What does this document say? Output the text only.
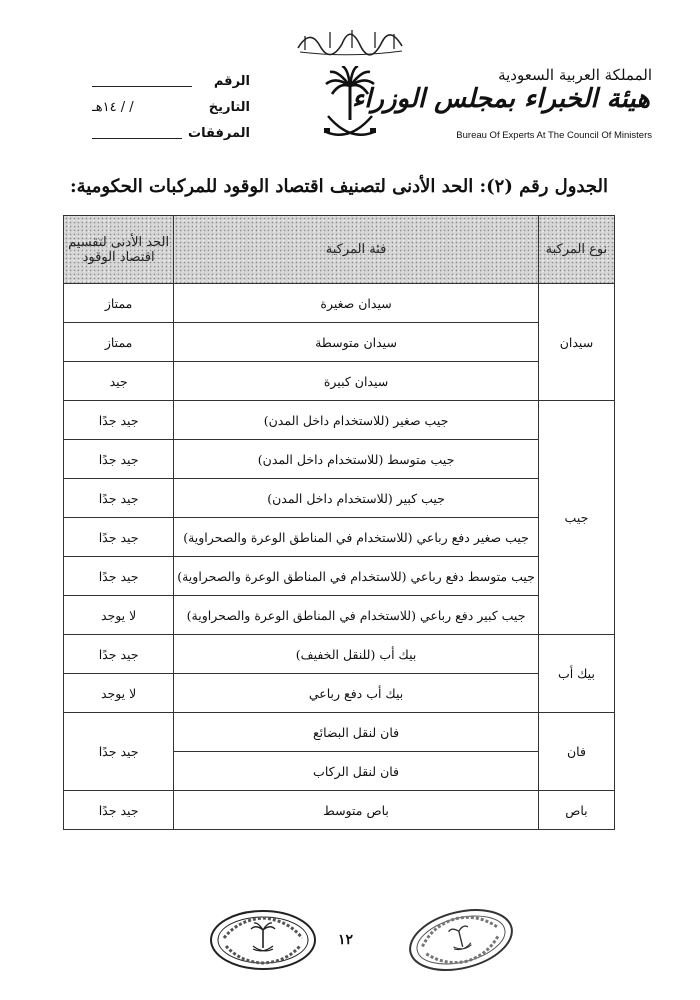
المملكة العربية السعودية
هيئة الخبراء بمجلس الوزراء
Bureau Of Experts At The Council Of Ministers
الرقم
التاريخ
/ / ١٤هـ
المرفقات
الجدول رقم (٢): الحد الأدنى لتصنيف اقتصاد الوقود للمركبات الحكومية:
نوع المركبة	فئة المركبة	الحد الأدنى لتقسيم اقتصاد الوقود
سيدان	سيدان صغيرة	ممتاز
	سيدان متوسطة	ممتاز
	سيدان كبيرة	جيد
جيب	جيب صغير (للاستخدام داخل المدن)	جيد جدًا
	جيب متوسط (للاستخدام داخل المدن)	جيد جدًا
	جيب كبير (للاستخدام داخل المدن)	جيد جدًا
	جيب صغير دفع رباعي (للاستخدام في المناطق الوعرة والصحراوية)	جيد جدًا
	جيب متوسط دفع رباعي (للاستخدام في المناطق الوعرة والصحراوية)	جيد جدًا
	جيب كبير دفع رباعي (للاستخدام في المناطق الوعرة والصحراوية)	لا يوجد
بيك أب	بيك أب (للنقل الخفيف)	جيد جدًا
	بيك أب دفع رباعي	لا يوجد
فان	فان لنقل البضائع	جيد جدًا
	فان لنقل الركاب	
باص	باص متوسط	جيد جدًا
١٢
